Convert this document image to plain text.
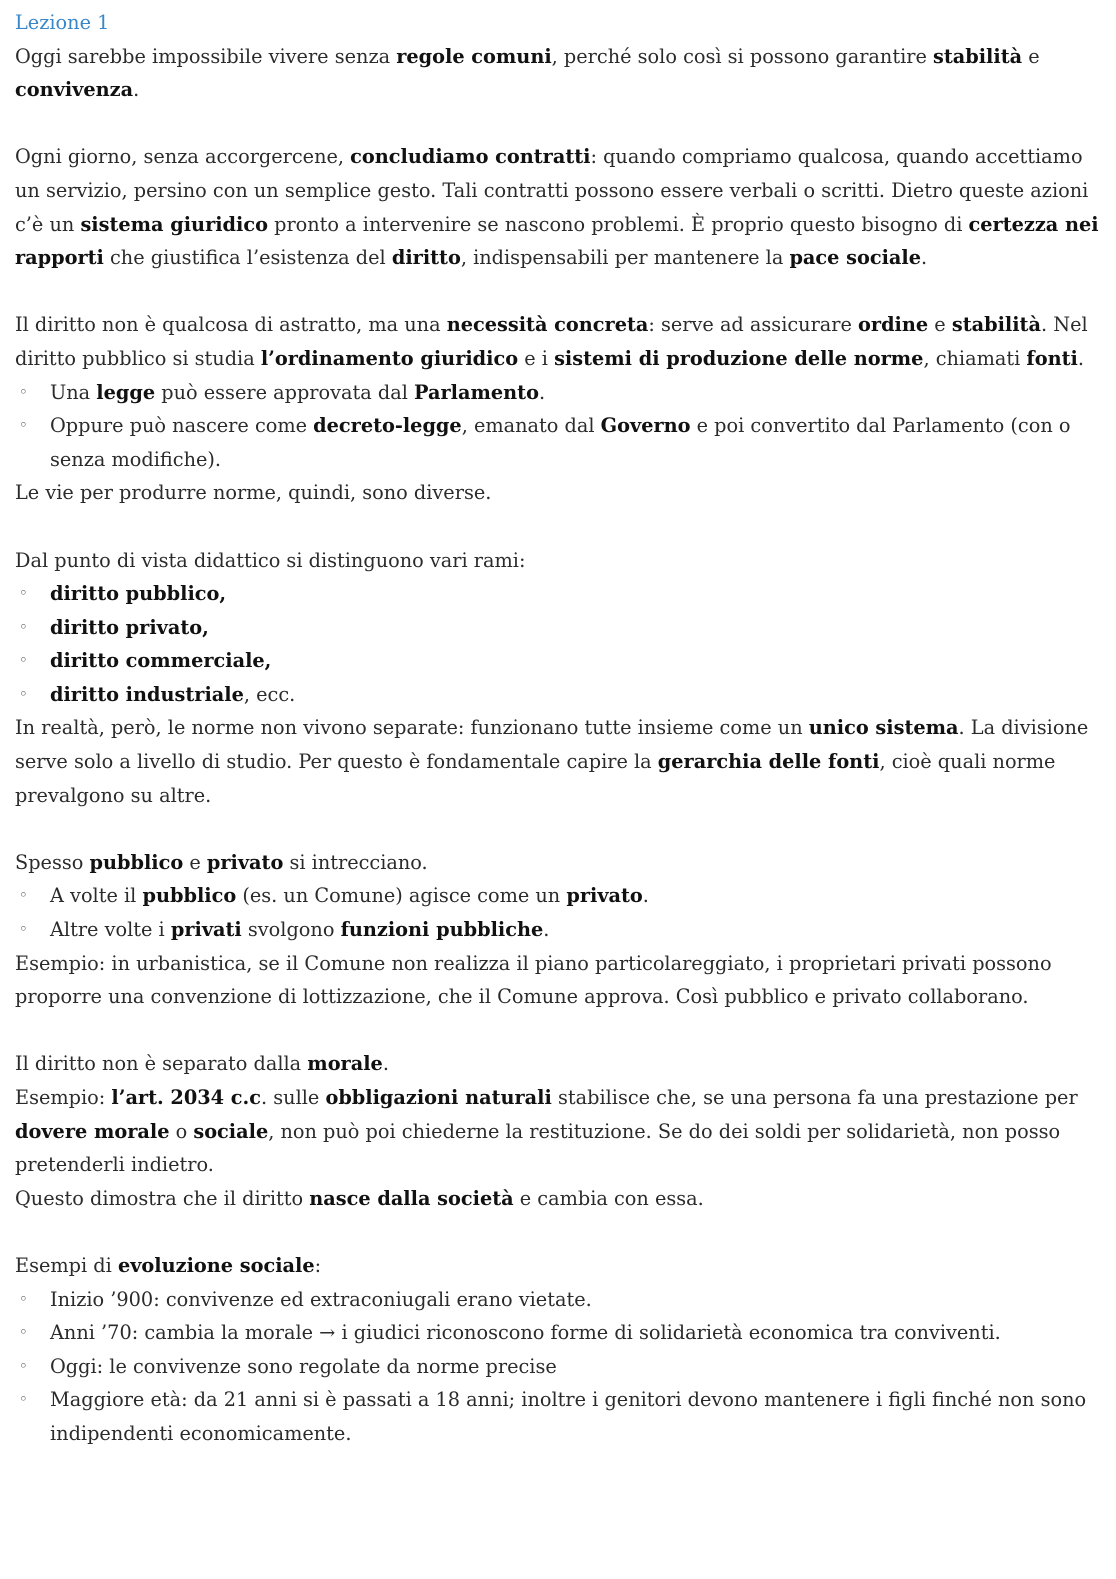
Lezione 1

Oggi sarebbe impossibile vivere senza regole comuni, perché solo così si possono garantire stabilità e convivenza.

Ogni giorno, senza accorgercene, concludiamo contratti: quando compriamo qualcosa, quando accettiamo un servizio, persino con un semplice gesto. Tali contratti possono essere verbali o scritti. Dietro queste azioni c’è un sistema giuridico pronto a intervenire se nascono problemi. È proprio questo bisogno di certezza nei rapporti che giustifica l’esistenza del diritto, indispensabili per mantenere la pace sociale.

Il diritto non è qualcosa di astratto, ma una necessità concreta: serve ad assicurare ordine e stabilità. Nel diritto pubblico si studia l’ordinamento giuridico e i sistemi di produzione delle norme, chiamati fonti.

◦ Una legge può essere approvata dal Parlamento.
◦ Oppure può nascere come decreto-legge, emanato dal Governo e poi convertito dal Parlamento (con o senza modifiche).

Le vie per produrre norme, quindi, sono diverse.

Dal punto di vista didattico si distinguono vari rami:

◦ diritto pubblico,
◦ diritto privato,
◦ diritto commerciale,
◦ diritto industriale, ecc.

In realtà, però, le norme non vivono separate: funzionano tutte insieme come un unico sistema. La divisione serve solo a livello di studio. Per questo è fondamentale capire la gerarchia delle fonti, cioè quali norme prevalgono su altre.

Spesso pubblico e privato si intrecciano.

◦ A volte il pubblico (es. un Comune) agisce come un privato.
◦ Altre volte i privati svolgono funzioni pubbliche.

Esempio: in urbanistica, se il Comune non realizza il piano particolareggiato, i proprietari privati possono proporre una convenzione di lottizzazione, che il Comune approva. Così pubblico e privato collaborano.

Il diritto non è separato dalla morale.

Esempio: l’art. 2034 c.c. sulle obbligazioni naturali stabilisce che, se una persona fa una prestazione per dovere morale o sociale, non può poi chiederne la restituzione. Se do dei soldi per solidarietà, non posso pretenderli indietro.

Questo dimostra che il diritto nasce dalla società e cambia con essa.

Esempi di evoluzione sociale:

◦ Inizio ’900: convivenze ed extraconiugali erano vietate.
◦ Anni ’70: cambia la morale → i giudici riconoscono forme di solidarietà economica tra conviventi.
◦ Oggi: le convivenze sono regolate da norme precise
◦ Maggiore età: da 21 anni si è passati a 18 anni; inoltre i genitori devono mantenere i figli finché non sono indipendenti economicamente.
